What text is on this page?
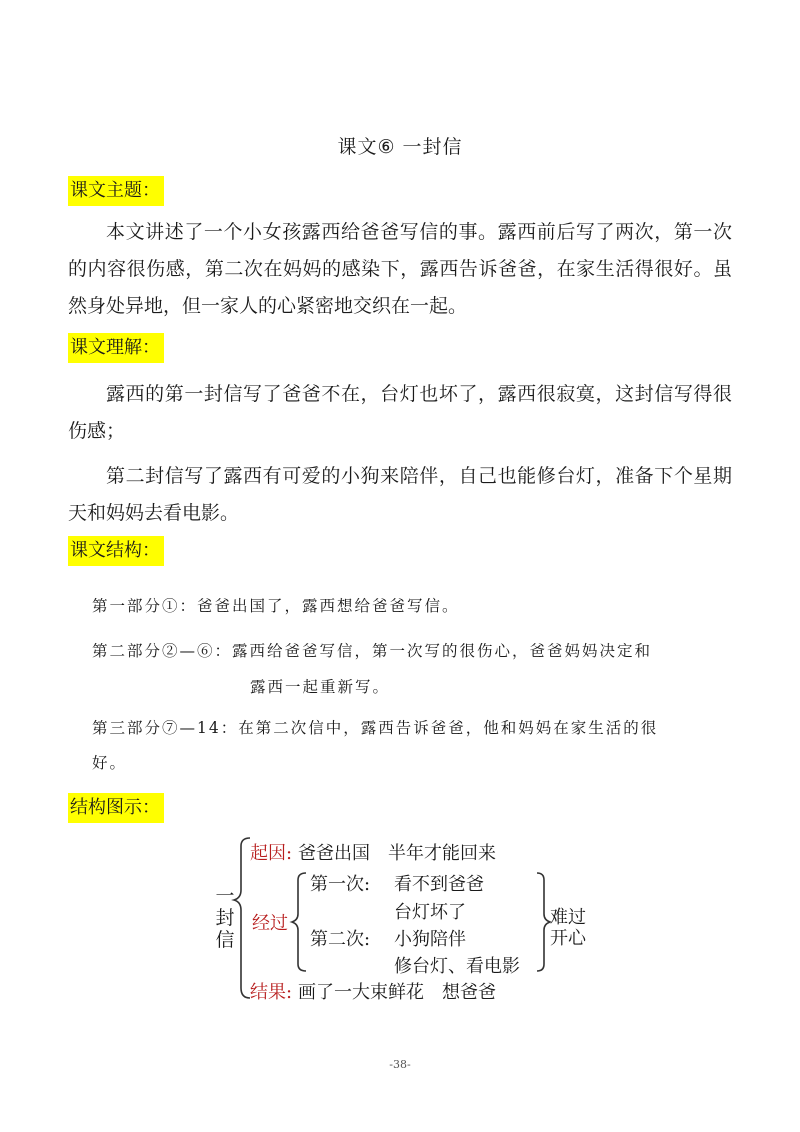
课文⑥ 一封信
课文主题：

本文讲述了一个小女孩露西给爸爸写信的事。露西前后写了两次，第一次的内容很伤感，第二次在妈妈的感染下，露西告诉爸爸，在家生活得很好。虽然身处异地，但一家人的心紧密地交织在一起。

课文理解：

露西的第一封信写了爸爸不在，台灯也坏了，露西很寂寞，这封信写得很伤感；

第二封信写了露西有可爱的小狗来陪伴，自己也能修台灯，准备下个星期天和妈妈去看电影。

课文结构：
第一部分①：爸爸出国了，露西想给爸爸写信。
第二部分②—⑥：露西给爸爸写信，第一次写的很伤心，爸爸妈妈决定和
露西一起重新写。
第三部分⑦—14：在第二次信中，露西告诉爸爸，他和妈妈在家生活的很
好。
结构图示：
一
封
信
起因: 爸爸出国　半年才能回来
经过
第一次: 看不到爸爸
台灯坏了
第二次: 小狗陪伴
修台灯、看电影
难过
开心
结果: 画了一大束鲜花　想爸爸
-38-
